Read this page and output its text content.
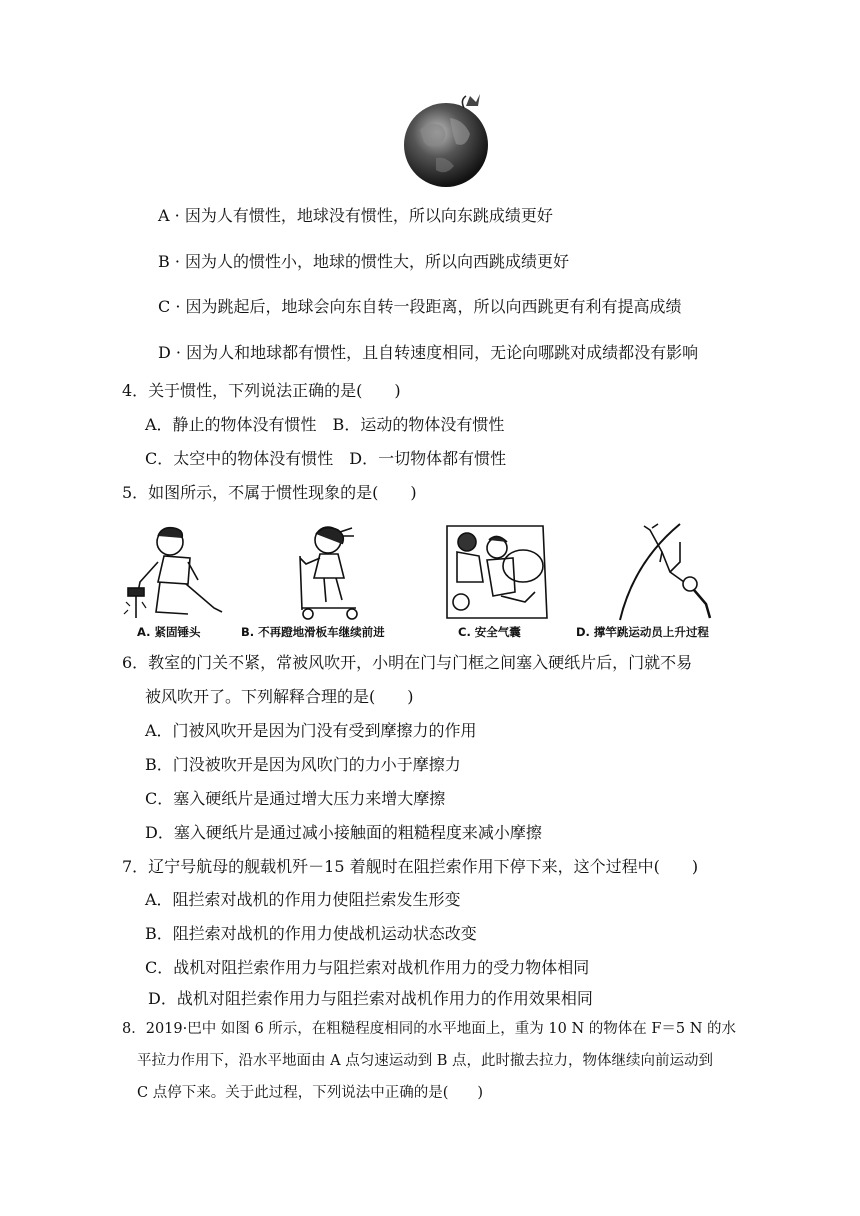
A · 因为人有惯性，地球没有惯性，所以向东跳成绩更好
B · 因为人的惯性小，地球的惯性大，所以向西跳成绩更好
C · 因为跳起后，地球会向东自转一段距离，所以向西跳更有利有提高成绩
D · 因为人和地球都有惯性，且自转速度相同，无论向哪跳对成绩都没有影响
4．关于惯性，下列说法正确的是(　　)
A．静止的物体没有惯性　B．运动的物体没有惯性
C．太空中的物体没有惯性　D．一切物体都有惯性
5．如图所示，不属于惯性现象的是(　　)
A. 紧固锤头	B. 不再蹬地滑板车继续前进	C. 安全气囊	D. 撑竿跳运动员上升过程
6．教室的门关不紧，常被风吹开，小明在门与门框之间塞入硬纸片后，门就不易
被风吹开了。下列解释合理的是(　　)
A．门被风吹开是因为门没有受到摩擦力的作用
B．门没被吹开是因为风吹门的力小于摩擦力
C．塞入硬纸片是通过增大压力来增大摩擦
D．塞入硬纸片是通过减小接触面的粗糙程度来减小摩擦
7．辽宁号航母的舰载机歼－15 着舰时在阻拦索作用下停下来，这个过程中(　　)
A．阻拦索对战机的作用力使阻拦索发生形变
B．阻拦索对战机的作用力使战机运动状态改变
C．战机对阻拦索作用力与阻拦索对战机作用力的受力物体相同
D．战机对阻拦索作用力与阻拦索对战机作用力的作用效果相同
8．2019·巴中 如图 6 所示，在粗糙程度相同的水平地面上，重为 10 N 的物体在 F＝5 N 的水
平拉力作用下，沿水平地面由 A 点匀速运动到 B 点，此时撤去拉力，物体继续向前运动到
C 点停下来。关于此过程，下列说法中正确的是(　　)
